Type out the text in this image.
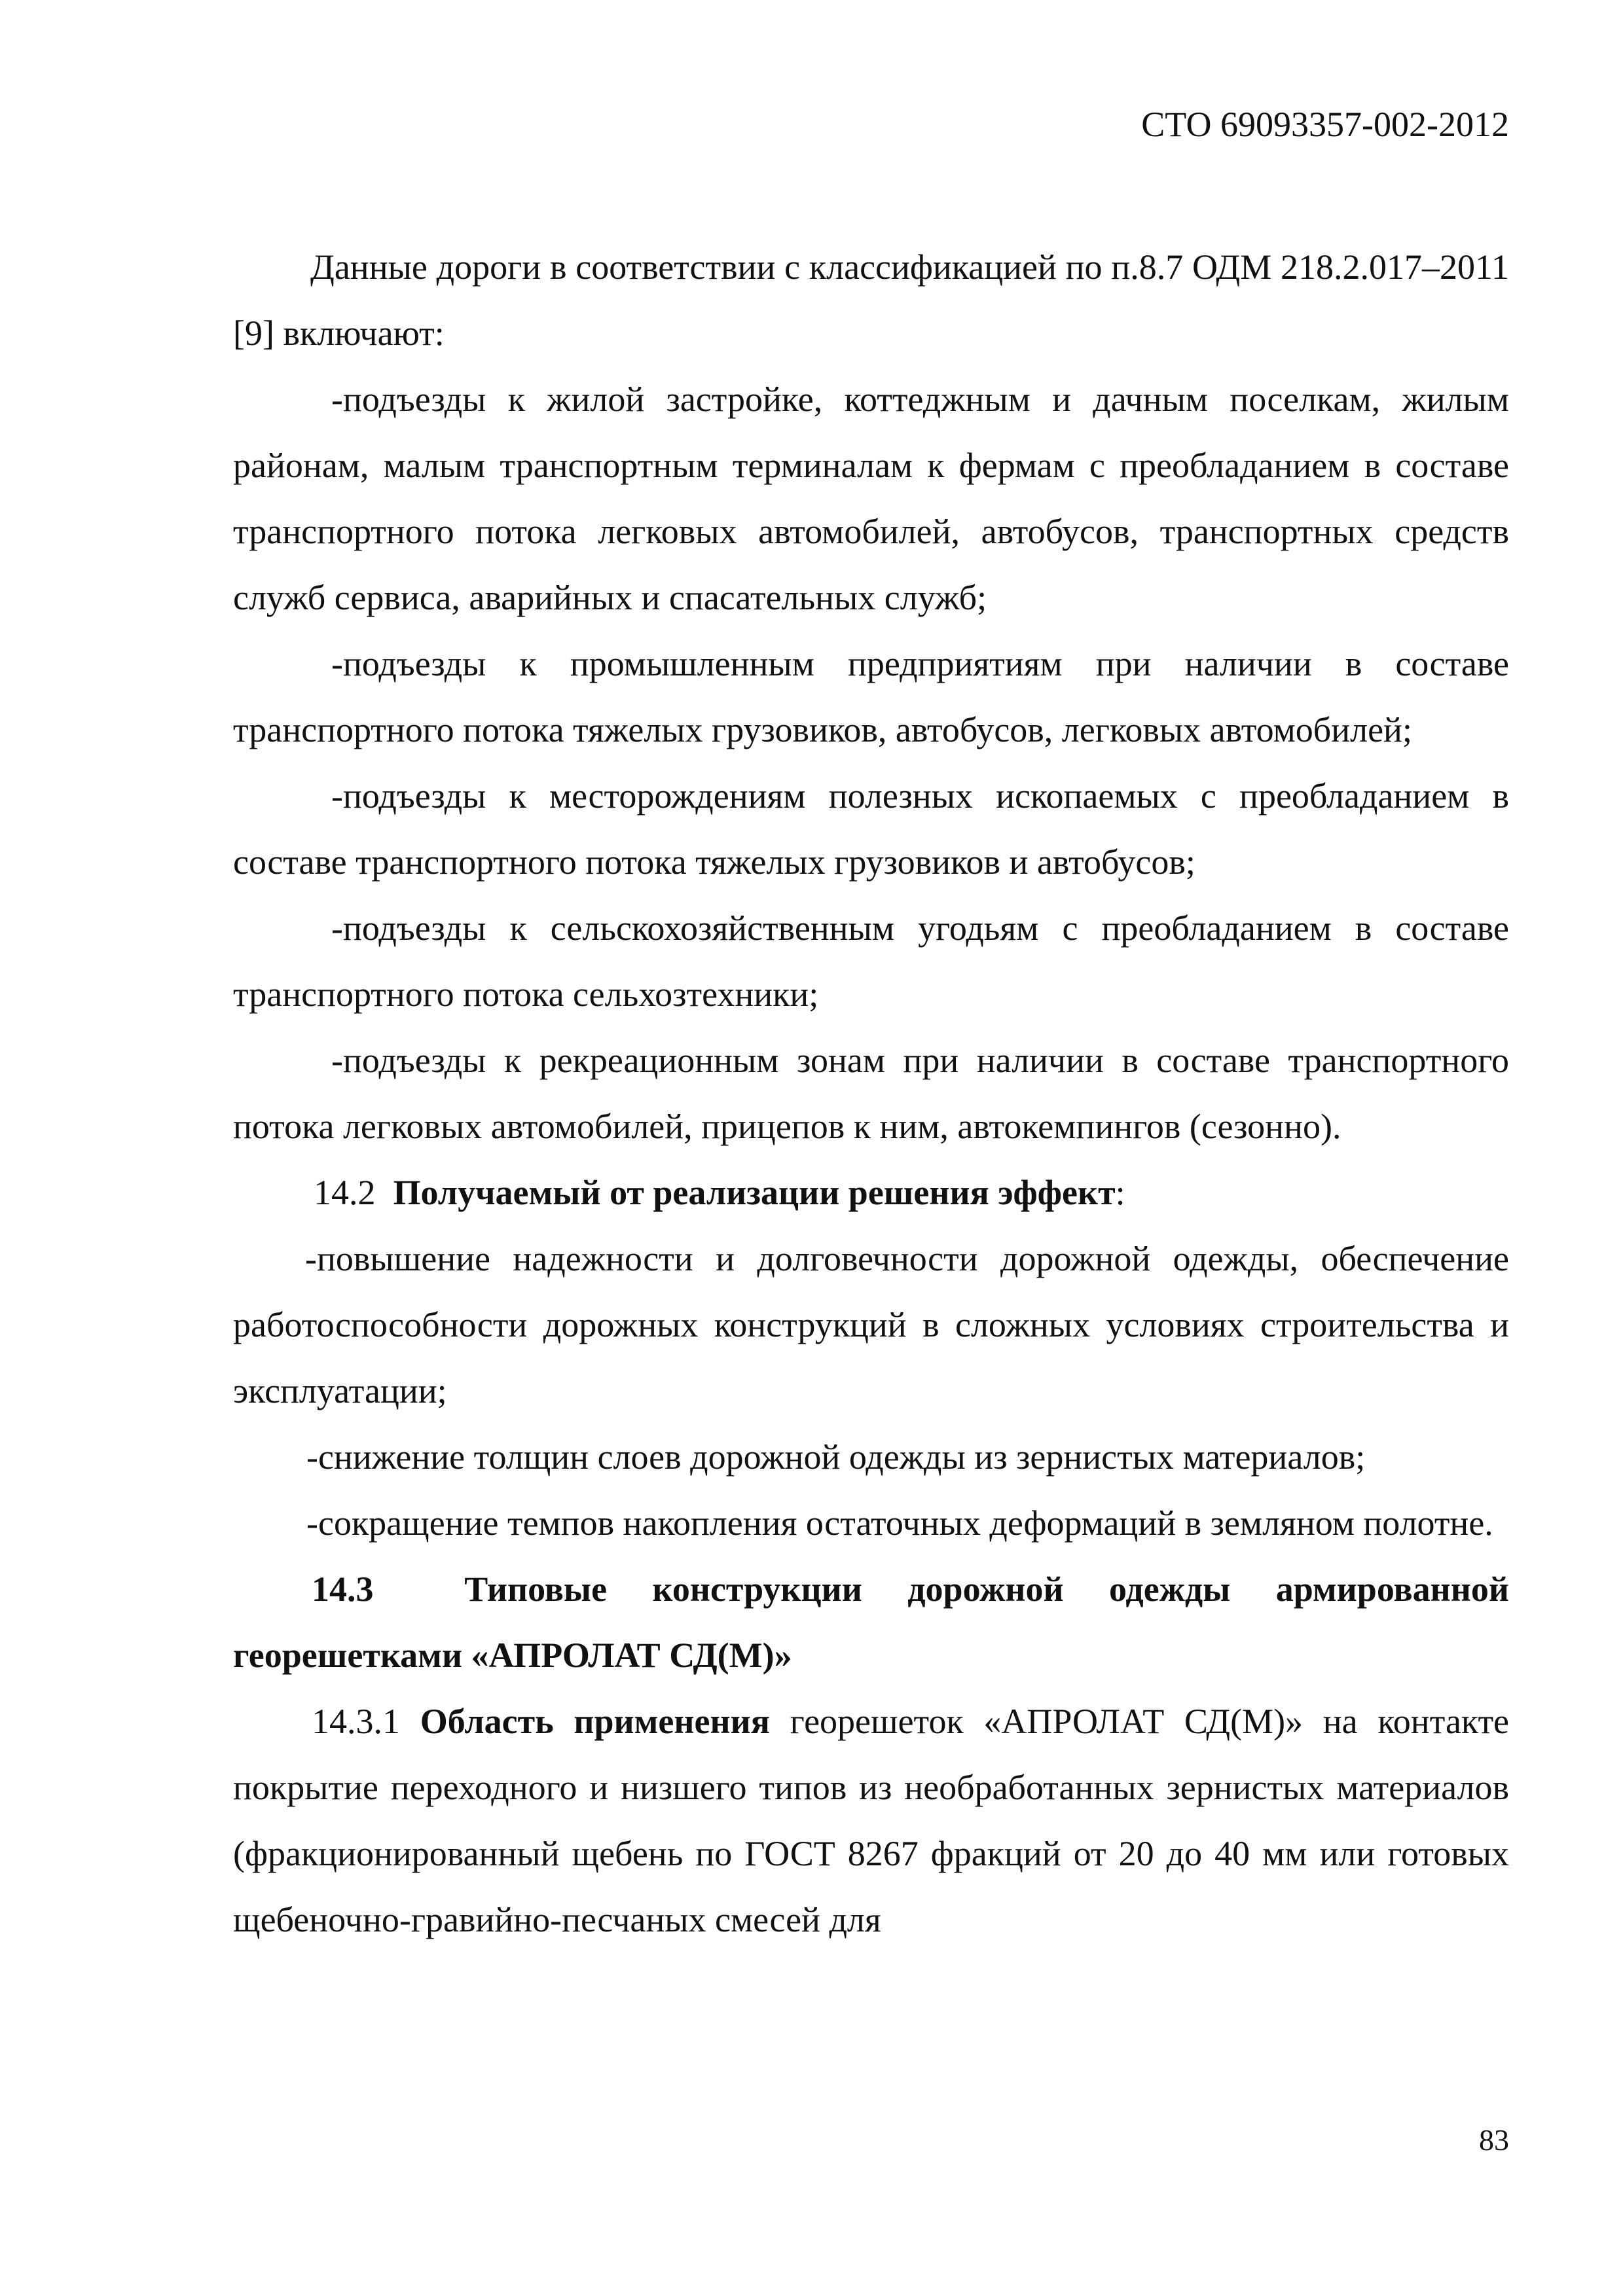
СТО 69093357-002-2012

Данные дороги в соответствии с классификацией по п.8.7 ОДМ 218.2.017–2011 [9] включают:

-подъезды к жилой застройке, коттеджным и дачным поселкам, жилым районам, малым транспортным терминалам к фермам с преобладанием в составе транспортного потока легковых автомобилей, автобусов, транспортных средств служб сервиса, аварийных и спасательных служб;

-подъезды к промышленным предприятиям при наличии в составе транспортного потока тяжелых грузовиков, автобусов, легковых автомобилей;

-подъезды к месторождениям полезных ископаемых с преобладанием в составе транспортного потока тяжелых грузовиков и автобусов;

-подъезды к сельскохозяйственным угодьям с преобладанием в составе транспортного потока сельхозтехники;

-подъезды к рекреационным зонам при наличии в составе транспортного потока легковых автомобилей, прицепов к ним, автокемпингов (сезонно).

14.2 Получаемый от реализации решения эффект:

-повышение надежности и долговечности дорожной одежды, обеспечение работоспособности дорожных конструкций в сложных условиях строительства и эксплуатации;

-снижение толщин слоев дорожной одежды из зернистых материалов;

-сокращение темпов накопления остаточных деформаций в земляном полотне.

14.3	Типовые конструкции дорожной одежды армированной георешетками «АПРОЛАТ СД(М)»

14.3.1 Область применения георешеток «АПРОЛАТ СД(М)» на контакте покрытие переходного и низшего типов из необработанных зернистых материалов (фракционированный щебень по ГОСТ 8267 фракций от 20 до 40 мм или готовых щебеночно-гравийно-песчаных смесей для

83
